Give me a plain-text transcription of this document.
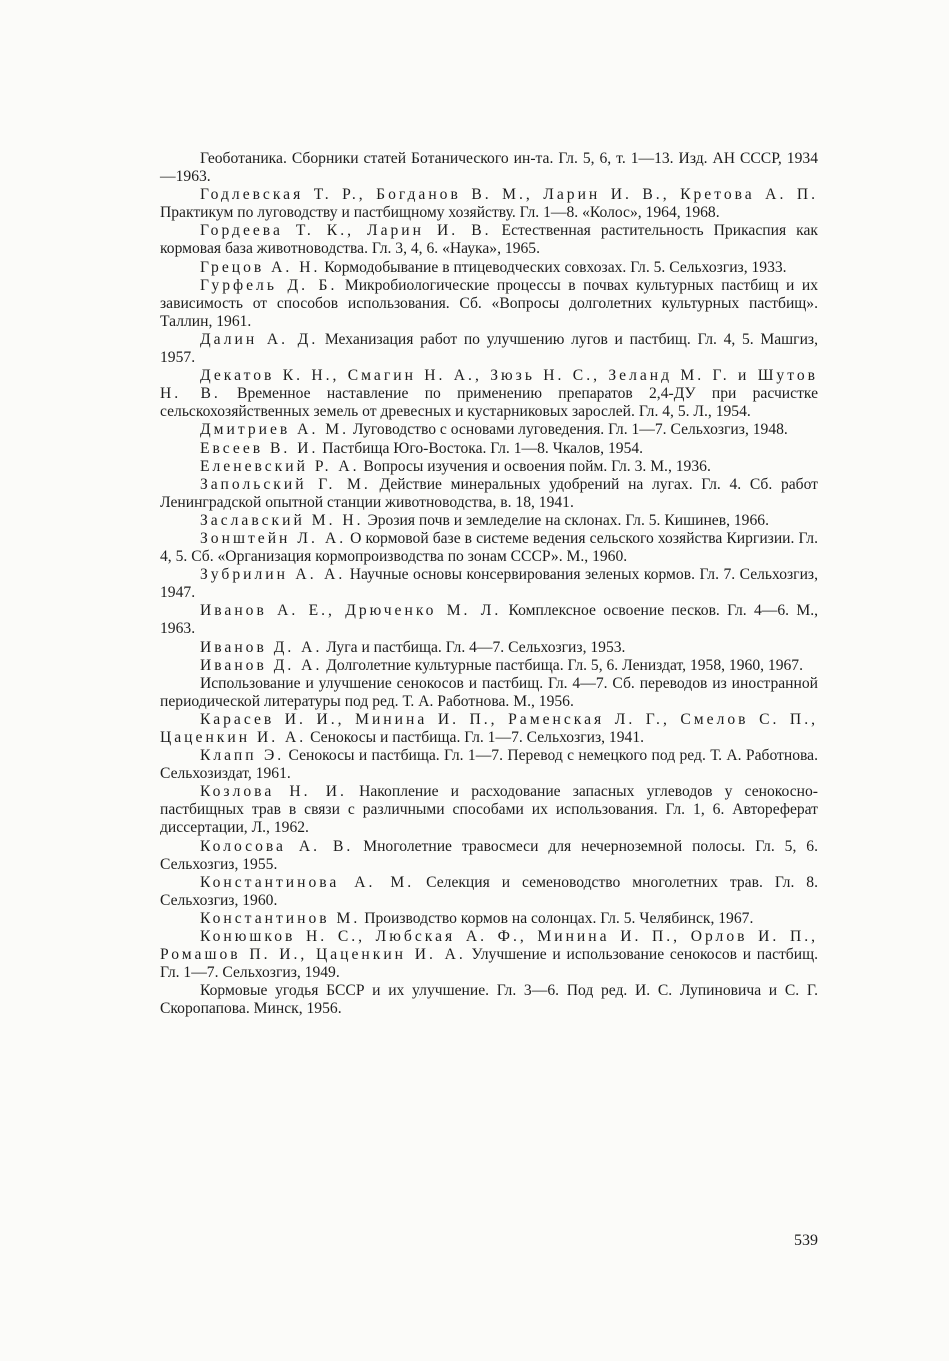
Геоботаника. Сборники статей Ботанического ин-та. Гл. 5, 6, т. 1—13. Изд. АН СССР, 1934—1963.

Годлевская Т. Р., Богданов В. М., Ларин И. В., Кретова А. П. Практикум по луговодству и пастбищному хозяйству. Гл. 1—8. «Колос», 1964, 1968.

Гордеева Т. К., Ларин И. В. Естественная растительность Прикаспия как кормовая база животноводства. Гл. 3, 4, 6. «Наука», 1965.

Грецов А. Н. Кормодобывание в птицеводческих совхозах. Гл. 5. Сельхозгиз, 1933.

Гурфель Д. Б. Микробиологические процессы в почвах культурных пастбищ и их зависимость от способов использования. Сб. «Вопросы долголетних культурных пастбищ». Таллин, 1961.

Далин А. Д. Механизация работ по улучшению лугов и пастбищ. Гл. 4, 5. Машгиз, 1957.

Декатов К. Н., Смагин Н. А., Зюзь Н. С., Зеланд М. Г. и Шутов Н. В. Временное наставление по применению препаратов 2,4-ДУ при расчистке сельскохозяйственных земель от древесных и кустарниковых зарослей. Гл. 4, 5. Л., 1954.

Дмитриев А. М. Луговодство с основами луговедения. Гл. 1—7. Сельхозгиз, 1948.

Евсеев В. И. Пастбища Юго-Востока. Гл. 1—8. Чкалов, 1954.

Еленевский Р. А. Вопросы изучения и освоения пойм. Гл. 3. М., 1936.

Запольский Г. М. Действие минеральных удобрений на лугах. Гл. 4. Сб. работ Ленинградской опытной станции животноводства, в. 18, 1941.

Заславский М. Н. Эрозия почв и земледелие на склонах. Гл. 5. Кишинев, 1966.

Зонштейн Л. А. О кормовой базе в системе ведения сельского хозяйства Киргизии. Гл. 4, 5. Сб. «Организация кормопроизводства по зонам СССР». М., 1960.

Зубрилин А. А. Научные основы консервирования зеленых кормов. Гл. 7. Сельхозгиз, 1947.

Иванов А. Е., Дрюченко М. Л. Комплексное освоение песков. Гл. 4—6. М., 1963.

Иванов Д. А. Луга и пастбища. Гл. 4—7. Сельхозгиз, 1953.

Иванов Д. А. Долголетние культурные пастбища. Гл. 5, 6. Лениздат, 1958, 1960, 1967.

Использование и улучшение сенокосов и пастбищ. Гл. 4—7. Сб. переводов из иностранной периодической литературы под ред. Т. А. Работнова. М., 1956.

Карасев И. И., Минина И. П., Раменская Л. Г., Смелов С. П., Цаценкин И. А. Сенокосы и пастбища. Гл. 1—7. Сельхозгиз, 1941.

Клапп Э. Сенокосы и пастбища. Гл. 1—7. Перевод с немецкого под ред. Т. А. Работнова. Сельхозиздат, 1961.

Козлова Н. И. Накопление и расходование запасных углеводов у сенокосно-пастбищных трав в связи с различными способами их использования. Гл. 1, 6. Автореферат диссертации, Л., 1962.

Колосова А. В. Многолетние травосмеси для нечерноземной полосы. Гл. 5, 6. Сельхозгиз, 1955.

Константинова А. М. Селекция и семеноводство многолетних трав. Гл. 8. Сельхозгиз, 1960.

Константинов М. Производство кормов на солонцах. Гл. 5. Челябинск, 1967.

Конюшков Н. С., Любская А. Ф., Минина И. П., Орлов И. П., Ромашов П. И., Цаценкин И. А. Улучшение и использование сенокосов и пастбищ. Гл. 1—7. Сельхозгиз, 1949.

Кормовые угодья БССР и их улучшение. Гл. 3—6. Под ред. И. С. Лупиновича и С. Г. Скоропапова. Минск, 1956.

539
